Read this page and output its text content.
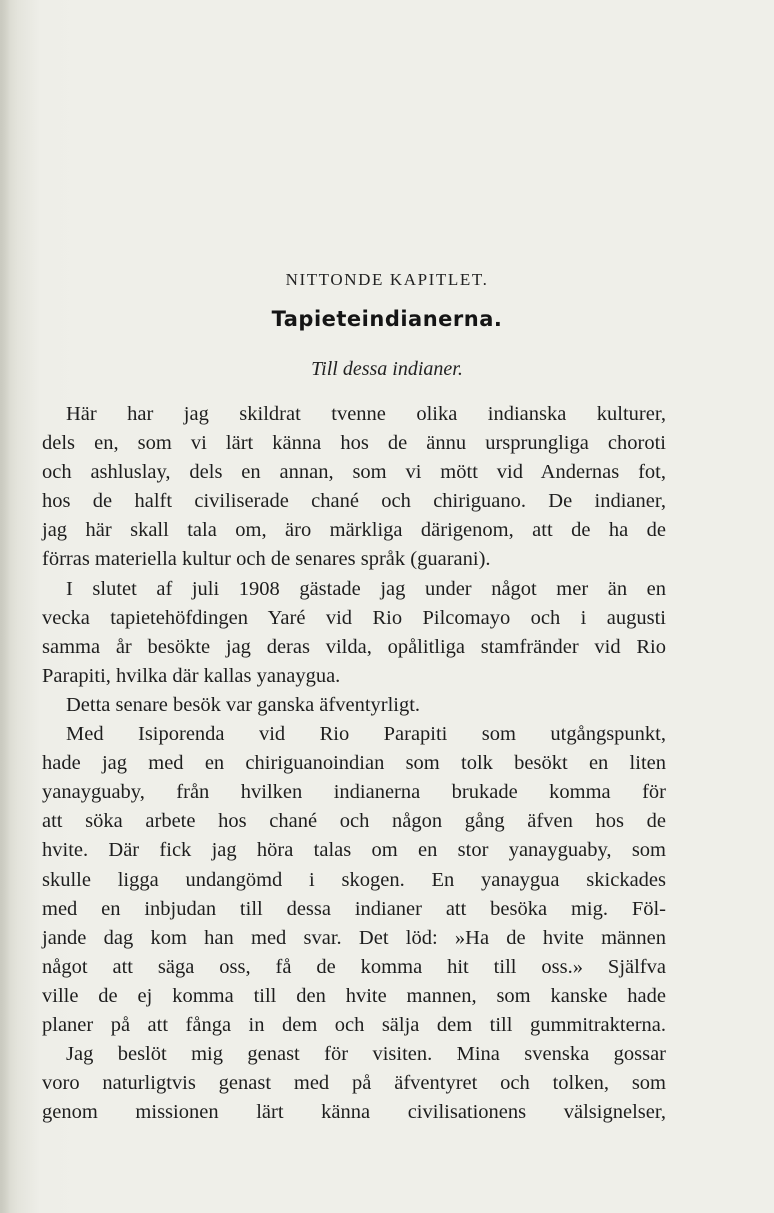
NITTONDE KAPITLET.
Tapieteindianerna.
Till dessa indianer.
Här har jag skildrat tvenne olika indianska kulturer,
dels en, som vi lärt känna hos de ännu ursprungliga choroti
och ashluslay, dels en annan, som vi mött vid Andernas fot,
hos de halft civiliserade chané och chiriguano. De indianer,
jag här skall tala om, äro märkliga därigenom, att de ha de
förras materiella kultur och de senares språk (guarani).
I slutet af juli 1908 gästade jag under något mer än en
vecka tapietehöfdingen Yaré vid Rio Pilcomayo och i augusti
samma år besökte jag deras vilda, opålitliga stamfränder vid Rio
Parapiti, hvilka där kallas yanaygua.
Detta senare besök var ganska äfventyrligt.
Med Isiporenda vid Rio Parapiti som utgångspunkt,
hade jag med en chiriguanoindian som tolk besökt en liten
yanayguaby, från hvilken indianerna brukade komma för
att söka arbete hos chané och någon gång äfven hos de
hvite. Där fick jag höra talas om en stor yanayguaby, som
skulle ligga undangömd i skogen. En yanaygua skickades
med en inbjudan till dessa indianer att besöka mig. Föl-
jande dag kom han med svar. Det löd: »Ha de hvite männen
något att säga oss, få de komma hit till oss.» Själfva
ville de ej komma till den hvite mannen, som kanske hade
planer på att fånga in dem och sälja dem till gummitrakterna.
Jag beslöt mig genast för visiten. Mina svenska gossar
voro naturligtvis genast med på äfventyret och tolken, som
genom missionen lärt känna civilisationens välsignelser,
